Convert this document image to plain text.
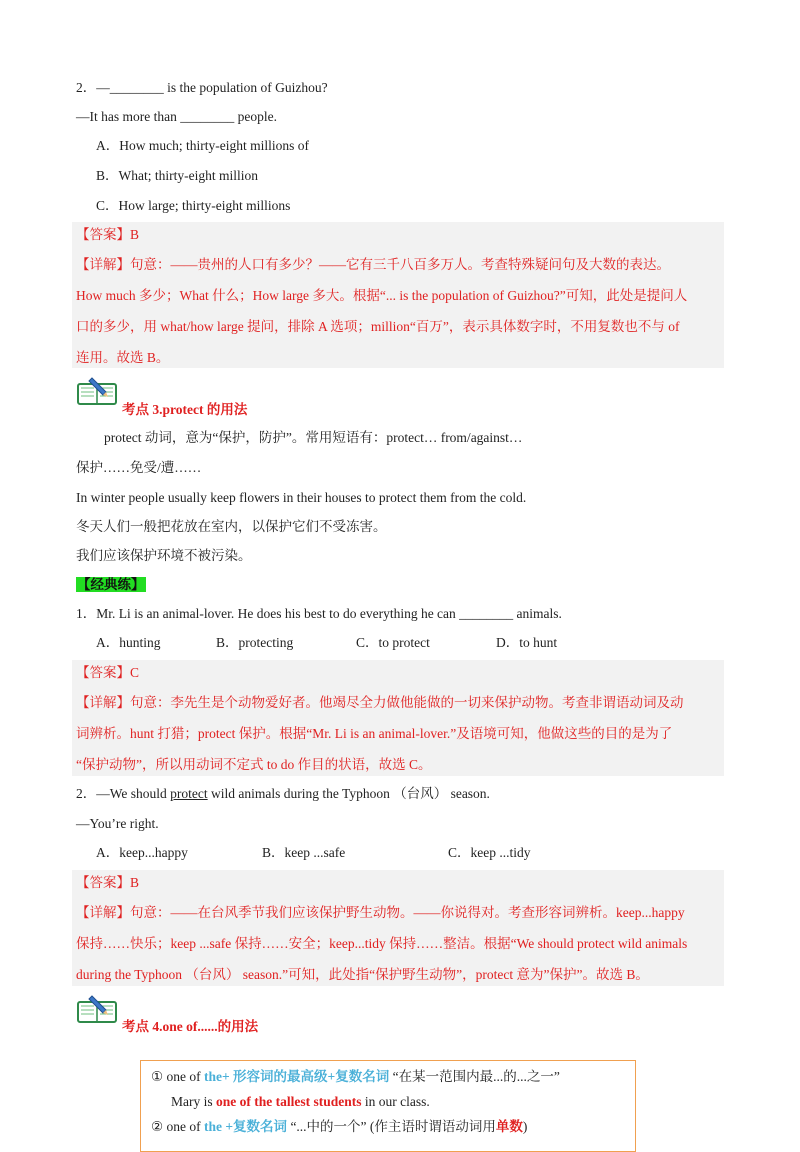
2．—________ is the population of Guizhou?
—It has more than ________ people.
A．How much; thirty-eight millions of
B．What; thirty-eight million
C．How large; thirty-eight millions
【答案】B
【详解】句意：——贵州的人口有多少？——它有三千八百多万人。考查特殊疑问句及大数的表达。
How much 多少；What 什么；How large 多大。根据“... is the population of Guizhou?”可知，此处是提问人
口的多少，用 what/how large 提问，排除 A 选项；million“百万”，表示具体数字时，不用复数也不与 of
连用。故选 B。
考点 3.protect 的用法
protect 动词，意为“保护，防护”。常用短语有：protect… from/against…
保护……免受/遭……
In winter people usually keep flowers in their houses to protect them from the cold.
冬天人们一般把花放在室内，以保护它们不受冻害。
我们应该保护环境不被污染。
【经典练】
1．Mr. Li is an animal-lover. He does his best to do everything he can ________ animals.
A．hunting	B．protecting	C．to protect	D．to hunt
【答案】C
【详解】句意：李先生是个动物爱好者。他竭尽全力做他能做的一切来保护动物。考查非谓语动词及动
词辨析。hunt 打猎；protect 保护。根据“Mr. Li is an animal-lover.”及语境可知，他做这些的目的是为了
“保护动物”，所以用动词不定式 to do 作目的状语，故选 C。
2．—We should protect wild animals during the Typhoon （台风） season.
—You’re right.
A．keep...happy	B．keep ...safe	C．keep ...tidy
【答案】B
【详解】句意：——在台风季节我们应该保护野生动物。——你说得对。考查形容词辨析。keep...happy
保持……快乐；keep ...safe 保持……安全；keep...tidy 保持……整洁。根据“We should protect wild animals
during the Typhoon （台风） season.”可知，此处指“保护野生动物”，protect 意为”保护”。故选 B。
考点 4.one of......的用法
① one of the+ 形容词的最高级+复数名词 “在某一范围内最...的...之一”
Mary is one of the tallest students in our class.
② one of the +复数名词 “...中的一个” (作主语时谓语动词用单数)
